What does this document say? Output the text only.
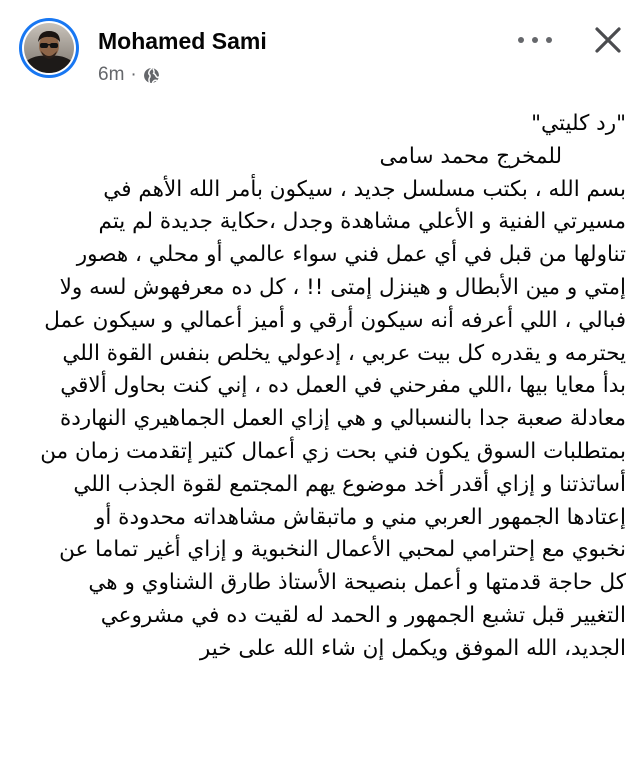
Mohamed Sami
6m ·
"رد كليتي"
للمخرج محمد سامى
بسم الله ، بكتب مسلسل جديد ، سيكون بأمر الله الأهم في
مسيرتي الفنية و الأعلي مشاهدة وجدل ،حكاية جديدة لم يتم
تناولها من قبل في أي عمل فني سواء عالمي أو محلي ، هصور
إمتي و مين الأبطال و هينزل إمتى !! ، كل ده معرفهوش لسه ولا
فبالي ، اللي أعرفه أنه سيكون أرقي و أميز أعمالي و سيكون عمل
يحترمه و يقدره كل بيت عربي ، إدعولي يخلص بنفس القوة اللي
بدأ معايا بيها ،اللي مفرحني في العمل ده ، إني كنت بحاول ألاقي
معادلة صعبة جدا بالنسبالي و هي إزاي العمل الجماهيري النهاردة
بمتطلبات السوق يكون فني بحت زي أعمال كتير إتقدمت زمان من
أساتذتنا و إزاي أقدر أخد موضوع يهم المجتمع لقوة الجذب اللي
إعتادها الجمهور العربي مني و ماتبقاش مشاهداته محدودة أو
نخبوي مع إحترامي لمحبي الأعمال النخبوية و إزاي أغير تماما عن
كل حاجة قدمتها و أعمل بنصيحة الأستاذ طارق الشناوي و هي
التغيير قبل تشبع الجمهور و الحمد له لقيت ده في مشروعي
الجديد، الله الموفق ويكمل إن شاء الله على خير
